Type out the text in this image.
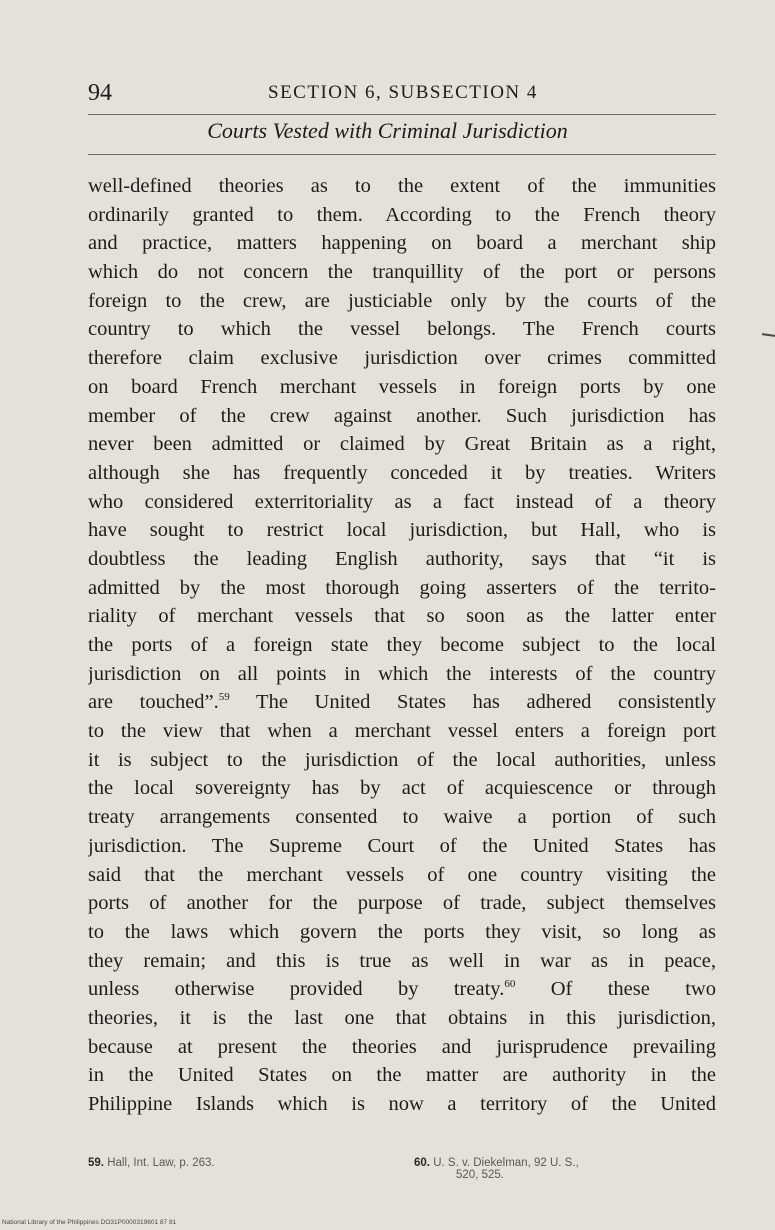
94	SECTION 6, SUBSECTION 4
Courts Vested with Criminal Jurisdiction
well-defined theories as to the extent of the immunities
ordinarily granted to them. According to the French theory
and practice, matters happening on board a merchant ship
which do not concern the tranquillity of the port or persons
foreign to the crew, are justiciable only by the courts of the
country to which the vessel belongs. The French courts
therefore claim exclusive jurisdiction over crimes committed
on board French merchant vessels in foreign ports by one
member of the crew against another. Such jurisdiction has
never been admitted or claimed by Great Britain as a right,
although she has frequently conceded it by treaties. Writers
who considered exterritoriality as a fact instead of a theory
have sought to restrict local jurisdiction, but Hall, who is
doubtless the leading English authority, says that “it is
admitted by the most thorough going asserters of the territo-
riality of merchant vessels that so soon as the latter enter
the ports of a foreign state they become subject to the local
jurisdiction on all points in which the interests of the country
are touched”.$^{59}$ The United States has adhered consistently
to the view that when a merchant vessel enters a foreign port
it is subject to the jurisdiction of the local authorities, unless
the local sovereignty has by act of acquiescence or through
treaty arrangements consented to waive a portion of such
jurisdiction. The Supreme Court of the United States has
said that the merchant vessels of one country visiting the
ports of another for the purpose of trade, subject themselves
to the laws which govern the ports they visit, so long as
they remain; and this is true as well in war as in peace,
unless otherwise provided by treaty.$^{60}$ Of these two
theories, it is the last one that obtains in this jurisdiction,
because at present the theories and jurisprudence prevailing
in the United States on the matter are authority in the
Philippine Islands which is now a territory of the United
59. Hall, Int. Law, p. 263.	60. U. S. v. Diekelman, 92 U. S.,
520, 525.
National Library of the Philippines DO31P0000319601 87 81
